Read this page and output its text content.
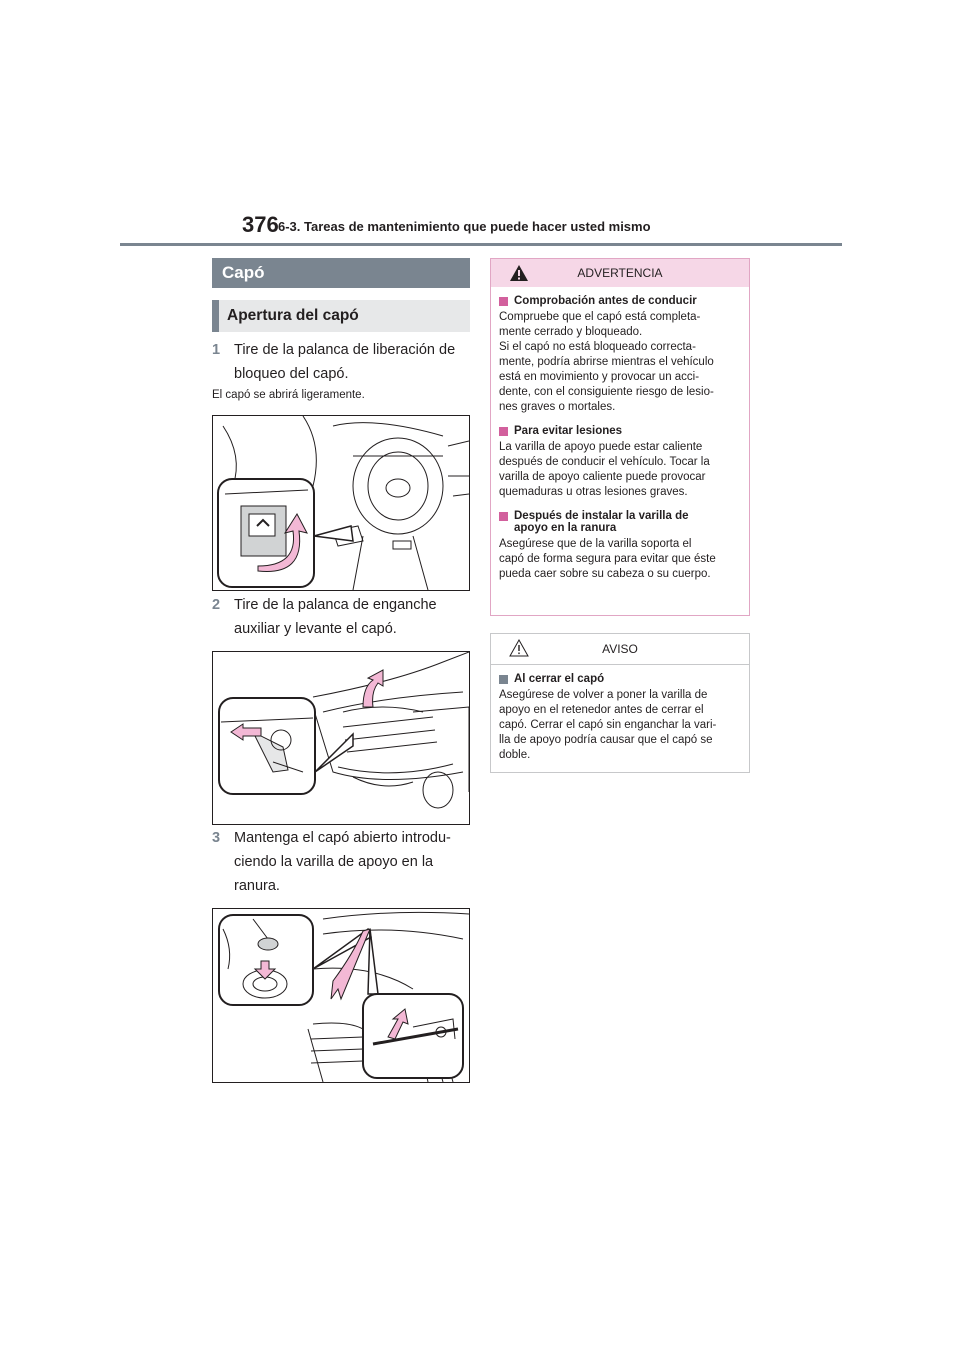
376 6-3. Tareas de mantenimiento que puede hacer usted mismo
Capó
Apertura del capó
1 Tire de la palanca de liberación de
bloqueo del capó.
El capó se abrirá ligeramente.
2 Tire de la palanca de enganche
auxiliar y levante el capó.
3 Mantenga el capó abierto introdu-
ciendo la varilla de apoyo en la
ranura.
ADVERTENCIA
Comprobación antes de conducir
Compruebe que el capó está completa-
mente cerrado y bloqueado.
Si el capó no está bloqueado correcta-
mente, podría abrirse mientras el vehículo
está en movimiento y provocar un acci-
dente, con el consiguiente riesgo de lesio-
nes graves o mortales.
Para evitar lesiones
La varilla de apoyo puede estar caliente
después de conducir el vehículo. Tocar la
varilla de apoyo caliente puede provocar
quemaduras u otras lesiones graves.
Después de instalar la varilla de
apoyo en la ranura
Asegúrese que de la varilla soporta el
capó de forma segura para evitar que éste
pueda caer sobre su cabeza o su cuerpo.
AVISO
Al cerrar el capó
Asegúrese de volver a poner la varilla de
apoyo en el retenedor antes de cerrar el
capó. Cerrar el capó sin enganchar la vari-
lla de apoyo podría causar que el capó se
doble.
